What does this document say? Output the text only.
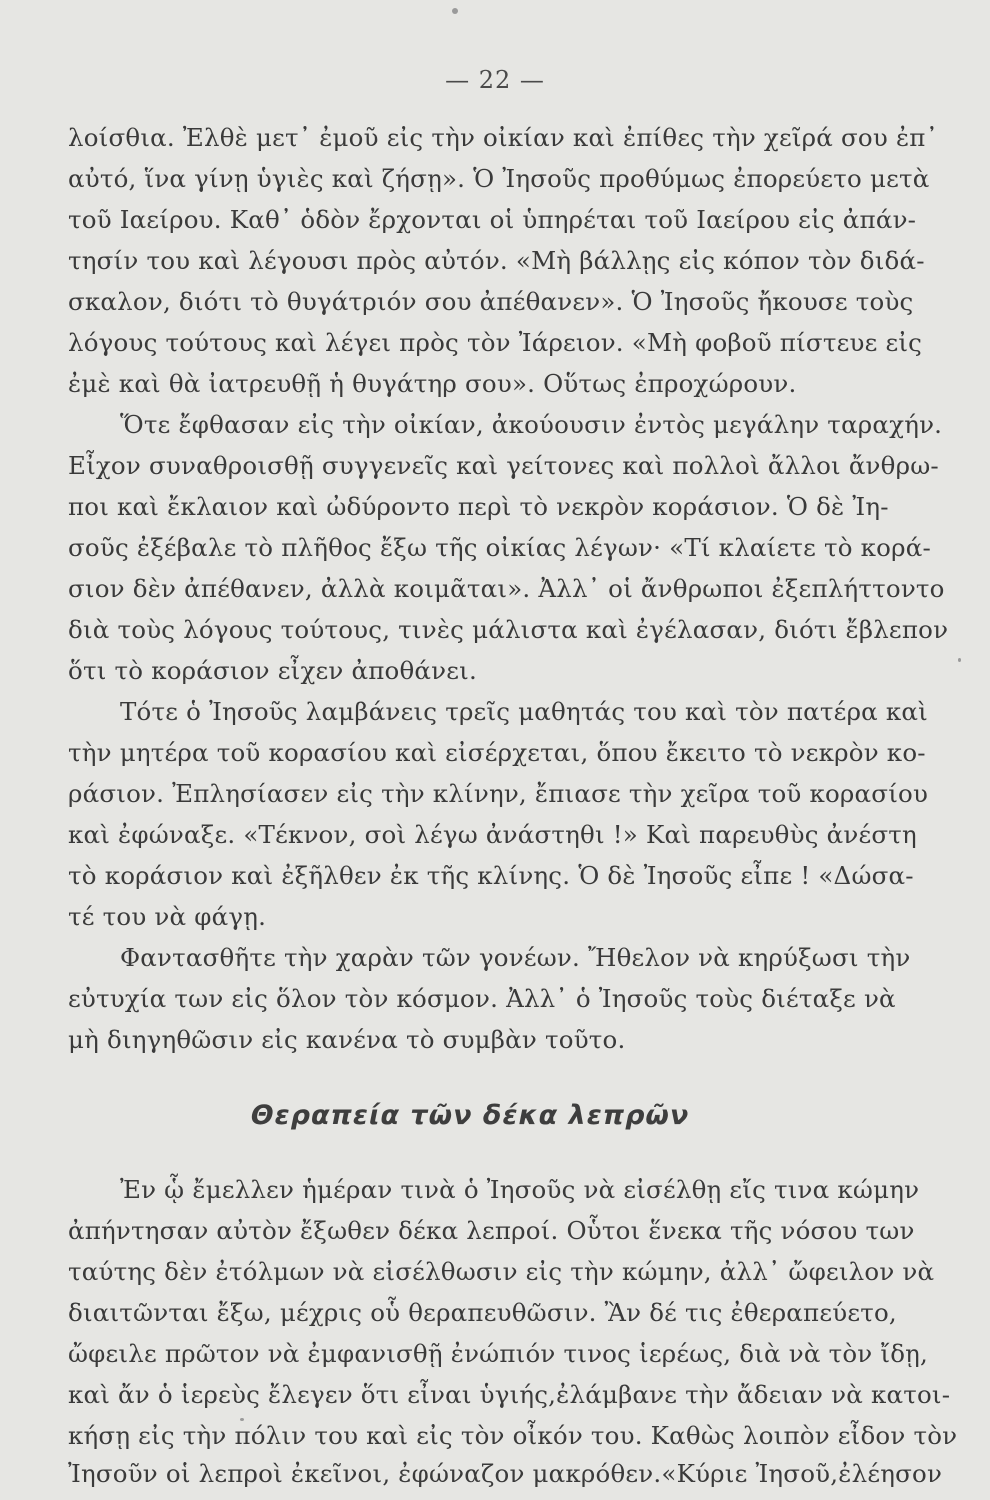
— 22 —
λοίσθια. Ἐλθὲ μετ᾿ ἐμοῦ εἰς τὴν οἰκίαν καὶ ἐπίθες τὴν χεῖρά σου ἐπ᾿
αὐτό, ἵνα γίνῃ ὑγιὲς καὶ ζήσῃ». Ὁ Ἰησοῦς προθύμως ἐπορεύετο μετὰ
τοῦ Ιαείρου. Καθ᾿ ὁδὸν ἔρχονται οἱ ὑπηρέται τοῦ Ιαείρου εἰς ἀπάν-
τησίν του καὶ λέγουσι πρὸς αὐτόν. «Μὴ βάλλῃς εἰς κόπον τὸν διδά-
σκαλον, διότι τὸ θυγάτριόν σου ἀπέθανεν». Ὁ Ἰησοῦς ἤκουσε τοὺς
λόγους τούτους καὶ λέγει πρὸς τὸν Ἰάρειον. «Μὴ φοβοῦ πίστευε εἰς
ἐμὲ καὶ θὰ ἰατρευθῇ ἡ θυγάτηρ σου». Οὕτως ἐπροχώρουν.
Ὅτε ἔφθασαν εἰς τὴν οἰκίαν, ἀκούουσιν ἐντὸς μεγάλην ταραχήν.
Εἶχον συναθροισθῇ συγγενεῖς καὶ γείτονες καὶ πολλοὶ ἄλλοι ἄνθρω-
ποι καὶ ἔκλαιον καὶ ὠδύροντο περὶ τὸ νεκρὸν κοράσιον. Ὁ δὲ Ἰη-
σοῦς ἐξέβαλε τὸ πλῆθος ἔξω τῆς οἰκίας λέγων· «Τί κλαίετε τὸ κορά-
σιον δὲν ἀπέθανεν, ἀλλὰ κοιμᾶται». Ἀλλ᾿ οἱ ἄνθρωποι ἐξεπλήττοντο
διὰ τοὺς λόγους τούτους, τινὲς μάλιστα καὶ ἐγέλασαν, διότι ἔβλεπον
ὅτι τὸ κοράσιον εἶχεν ἀποθάνει.
Τότε ὁ Ἰησοῦς λαμβάνεις τρεῖς μαθητάς του καὶ τὸν πατέρα καὶ
τὴν μητέρα τοῦ κορασίου καὶ εἰσέρχεται, ὅπου ἔκειτο τὸ νεκρὸν κο-
ράσιον. Ἐπλησίασεν εἰς τὴν κλίνην, ἔπιασε τὴν χεῖρα τοῦ κορασίου
καὶ ἐφώναξε. «Τέκνον, σοὶ λέγω ἀνάστηθι !» Καὶ παρευθὺς ἀνέστη
τὸ κοράσιον καὶ ἐξῆλθεν ἐκ τῆς κλίνης. Ὁ δὲ Ἰησοῦς εἶπε ! «Δώσα-
τέ του νὰ φάγῃ.
Φαντασθῆτε τὴν χαρὰν τῶν γονέων. Ἤθελον νὰ κηρύξωσι τὴν
εὐτυχία των εἰς ὅλον τὸν κόσμον. Ἀλλ᾿ ὁ Ἰησοῦς τοὺς διέταξε νὰ
μὴ διηγηθῶσιν εἰς κανένα τὸ συμβὰν τοῦτο.
Θεραπεία τῶν δέκα λεπρῶν
Ἐν ᾧ ἔμελλεν ἡμέραν τινὰ ὁ Ἰησοῦς νὰ εἰσέλθῃ εἴς τινα κώμην
ἀπήντησαν αὐτὸν ἔξωθεν δέκα λεπροί. Οὗτοι ἕνεκα τῆς νόσου των
ταύτης δὲν ἐτόλμων νὰ εἰσέλθωσιν εἰς τὴν κώμην, ἀλλ᾿ ὤφειλον νὰ
διαιτῶνται ἔξω, μέχρις οὗ θεραπευθῶσιν. Ἂν δέ τις ἐθεραπεύετο,
ὤφειλε πρῶτον νὰ ἐμφανισθῇ ἐνώπιόν τινος ἱερέως, διὰ νὰ τὸν ἴδῃ,
καὶ ἄν ὁ ἱερεὺς ἔλεγεν ὅτι εἶναι ὑγιής,ἐλάμβανε τὴν ἄδειαν νὰ κατοι-
κήσῃ εἰς τὴν πόλιν του καὶ εἰς τὸν οἶκόν του. Καθὼς λοιπὸν εἶδον τὸν
Ἰησοῦν οἱ λεπροὶ ἐκεῖνοι, ἐφώναζον μακρόθεν.«Κύριε Ἰησοῦ,ἐλέησον
